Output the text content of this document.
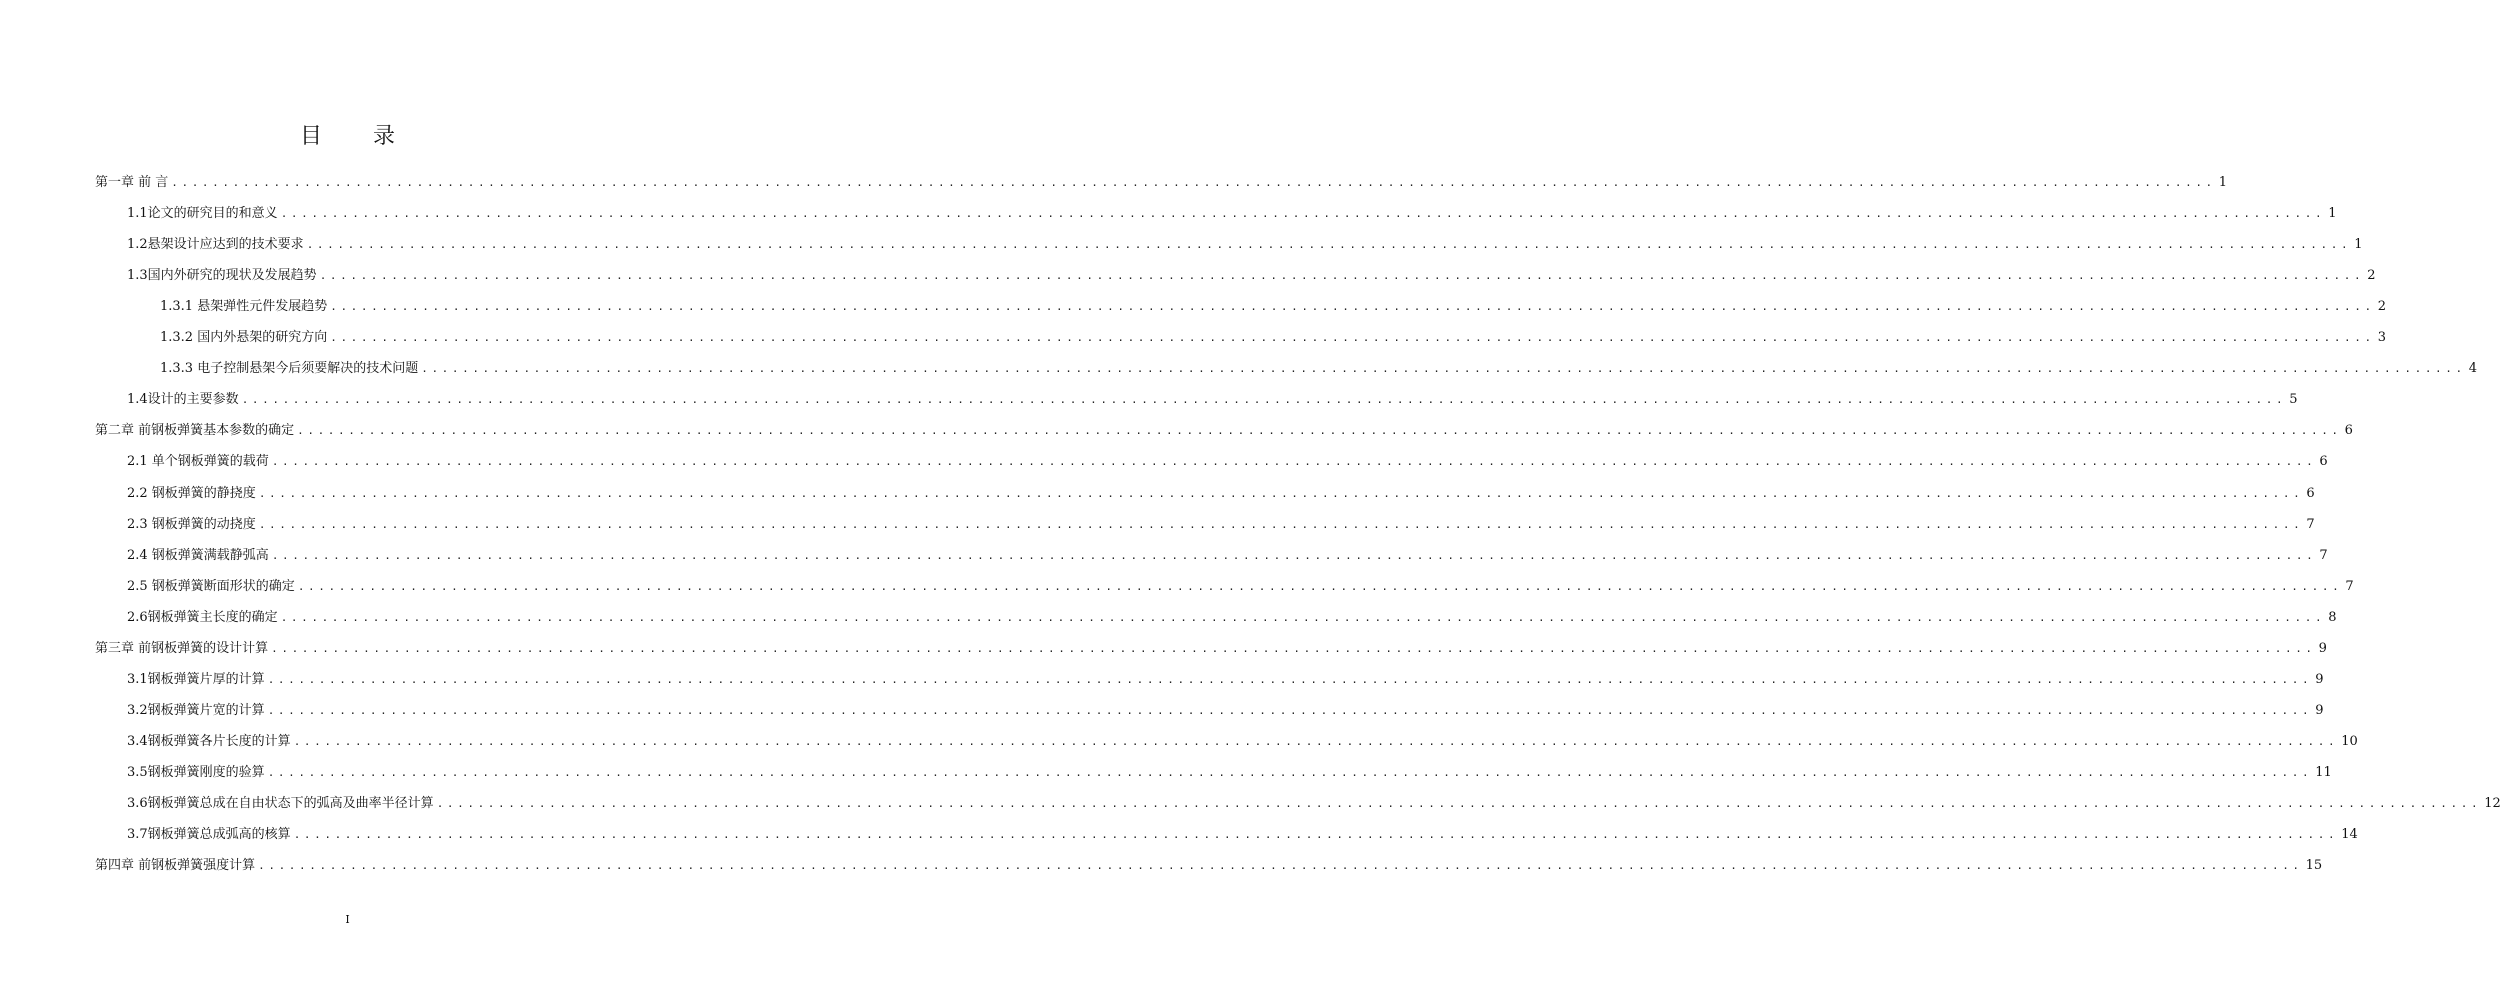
目 录
第一章 前 言 ........................................................................................................................................................................................................ 1
1.1论文的研究目的和意义 ........................................................................................................................................................................................................ 1
1.2悬架设计应达到的技术要求 ........................................................................................................................................................................................................ 1
1.3国内外研究的现状及发展趋势 ........................................................................................................................................................................................................ 2
1.3.1 悬架弹性元件发展趋势 ........................................................................................................................................................................................................ 2
1.3.2 国内外悬架的研究方向 ........................................................................................................................................................................................................ 3
1.3.3 电子控制悬架今后须要解决的技术问题 ........................................................................................................................................................................................................ 4
1.4设计的主要参数 ........................................................................................................................................................................................................ 5
第二章 前钢板弹簧基本参数的确定 ........................................................................................................................................................................................................ 6
2.1 单个钢板弹簧的载荷 ........................................................................................................................................................................................................ 6
2.2 钢板弹簧的静挠度 ........................................................................................................................................................................................................ 6
2.3 钢板弹簧的动挠度 ........................................................................................................................................................................................................ 7
2.4 钢板弹簧满载静弧高 ........................................................................................................................................................................................................ 7
2.5 钢板弹簧断面形状的确定 ........................................................................................................................................................................................................ 7
2.6钢板弹簧主长度的确定 ........................................................................................................................................................................................................ 8
第三章 前钢板弹簧的设计计算 ........................................................................................................................................................................................................ 9
3.1钢板弹簧片厚的计算 ........................................................................................................................................................................................................ 9
3.2钢板弹簧片宽的计算 ........................................................................................................................................................................................................ 9
3.4钢板弹簧各片长度的计算 ........................................................................................................................................................................................................ 10
3.5钢板弹簧刚度的验算 ........................................................................................................................................................................................................ 11
3.6钢板弹簧总成在自由状态下的弧高及曲率半径计算 ........................................................................................................................................................................................................ 12
3.7钢板弹簧总成弧高的核算 ........................................................................................................................................................................................................ 14
第四章 前钢板弹簧强度计算 ........................................................................................................................................................................................................ 15
I
